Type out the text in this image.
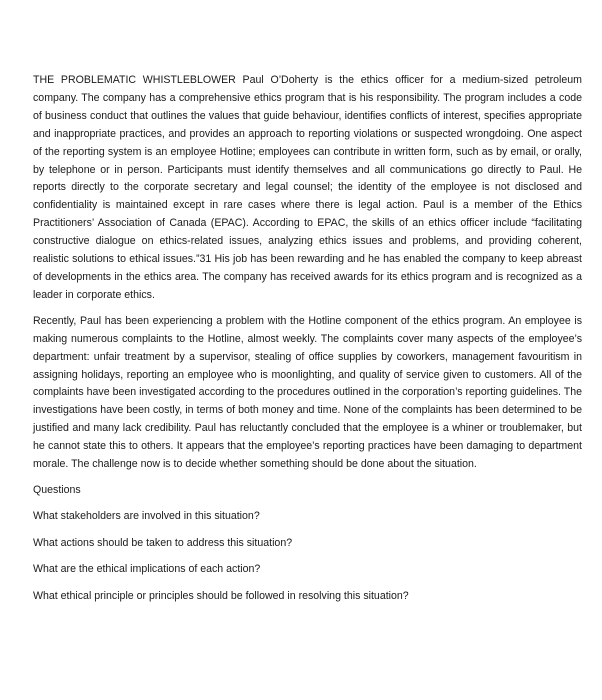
THE PROBLEMATIC WHISTLEBLOWER Paul O’Doherty is the ethics officer for a medium-sized petroleum company. The company has a comprehensive ethics program that is his responsibility. The program includes a code of business conduct that outlines the values that guide behaviour, identifies conflicts of interest, specifies appropriate and inappropriate practices, and provides an approach to reporting violations or suspected wrongdoing. One aspect of the reporting system is an employee Hotline; employees can contribute in written form, such as by email, or orally, by telephone or in person. Participants must identify themselves and all communications go directly to Paul. He reports directly to the corporate secretary and legal counsel; the identity of the employee is not disclosed and confidentiality is maintained except in rare cases where there is legal action. Paul is a member of the Ethics Practitioners’ Association of Canada (EPAC). According to EPAC, the skills of an ethics officer include “facilitating constructive dialogue on ethics-related issues, analyzing ethics issues and problems, and providing coherent, realistic solutions to ethical issues.”31 His job has been rewarding and he has enabled the company to keep abreast of developments in the ethics area. The company has received awards for its ethics program and is recognized as a leader in corporate ethics.

Recently, Paul has been experiencing a problem with the Hotline component of the ethics program. An employee is making numerous complaints to the Hotline, almost weekly. The complaints cover many aspects of the employee’s department: unfair treatment by a supervisor, stealing of office supplies by coworkers, management favouritism in assigning holidays, reporting an employee who is moonlighting, and quality of service given to customers. All of the complaints have been investigated according to the procedures outlined in the corporation’s reporting guidelines. The investigations have been costly, in terms of both money and time. None of the complaints has been determined to be justified and many lack credibility. Paul has reluctantly concluded that the employee is a whiner or troublemaker, but he cannot state this to others. It appears that the employee’s reporting practices have been damaging to department morale. The challenge now is to decide whether something should be done about the situation.

Questions

What stakeholders are involved in this situation?

What actions should be taken to address this situation?

What are the ethical implications of each action?

What ethical principle or principles should be followed in resolving this situation?
